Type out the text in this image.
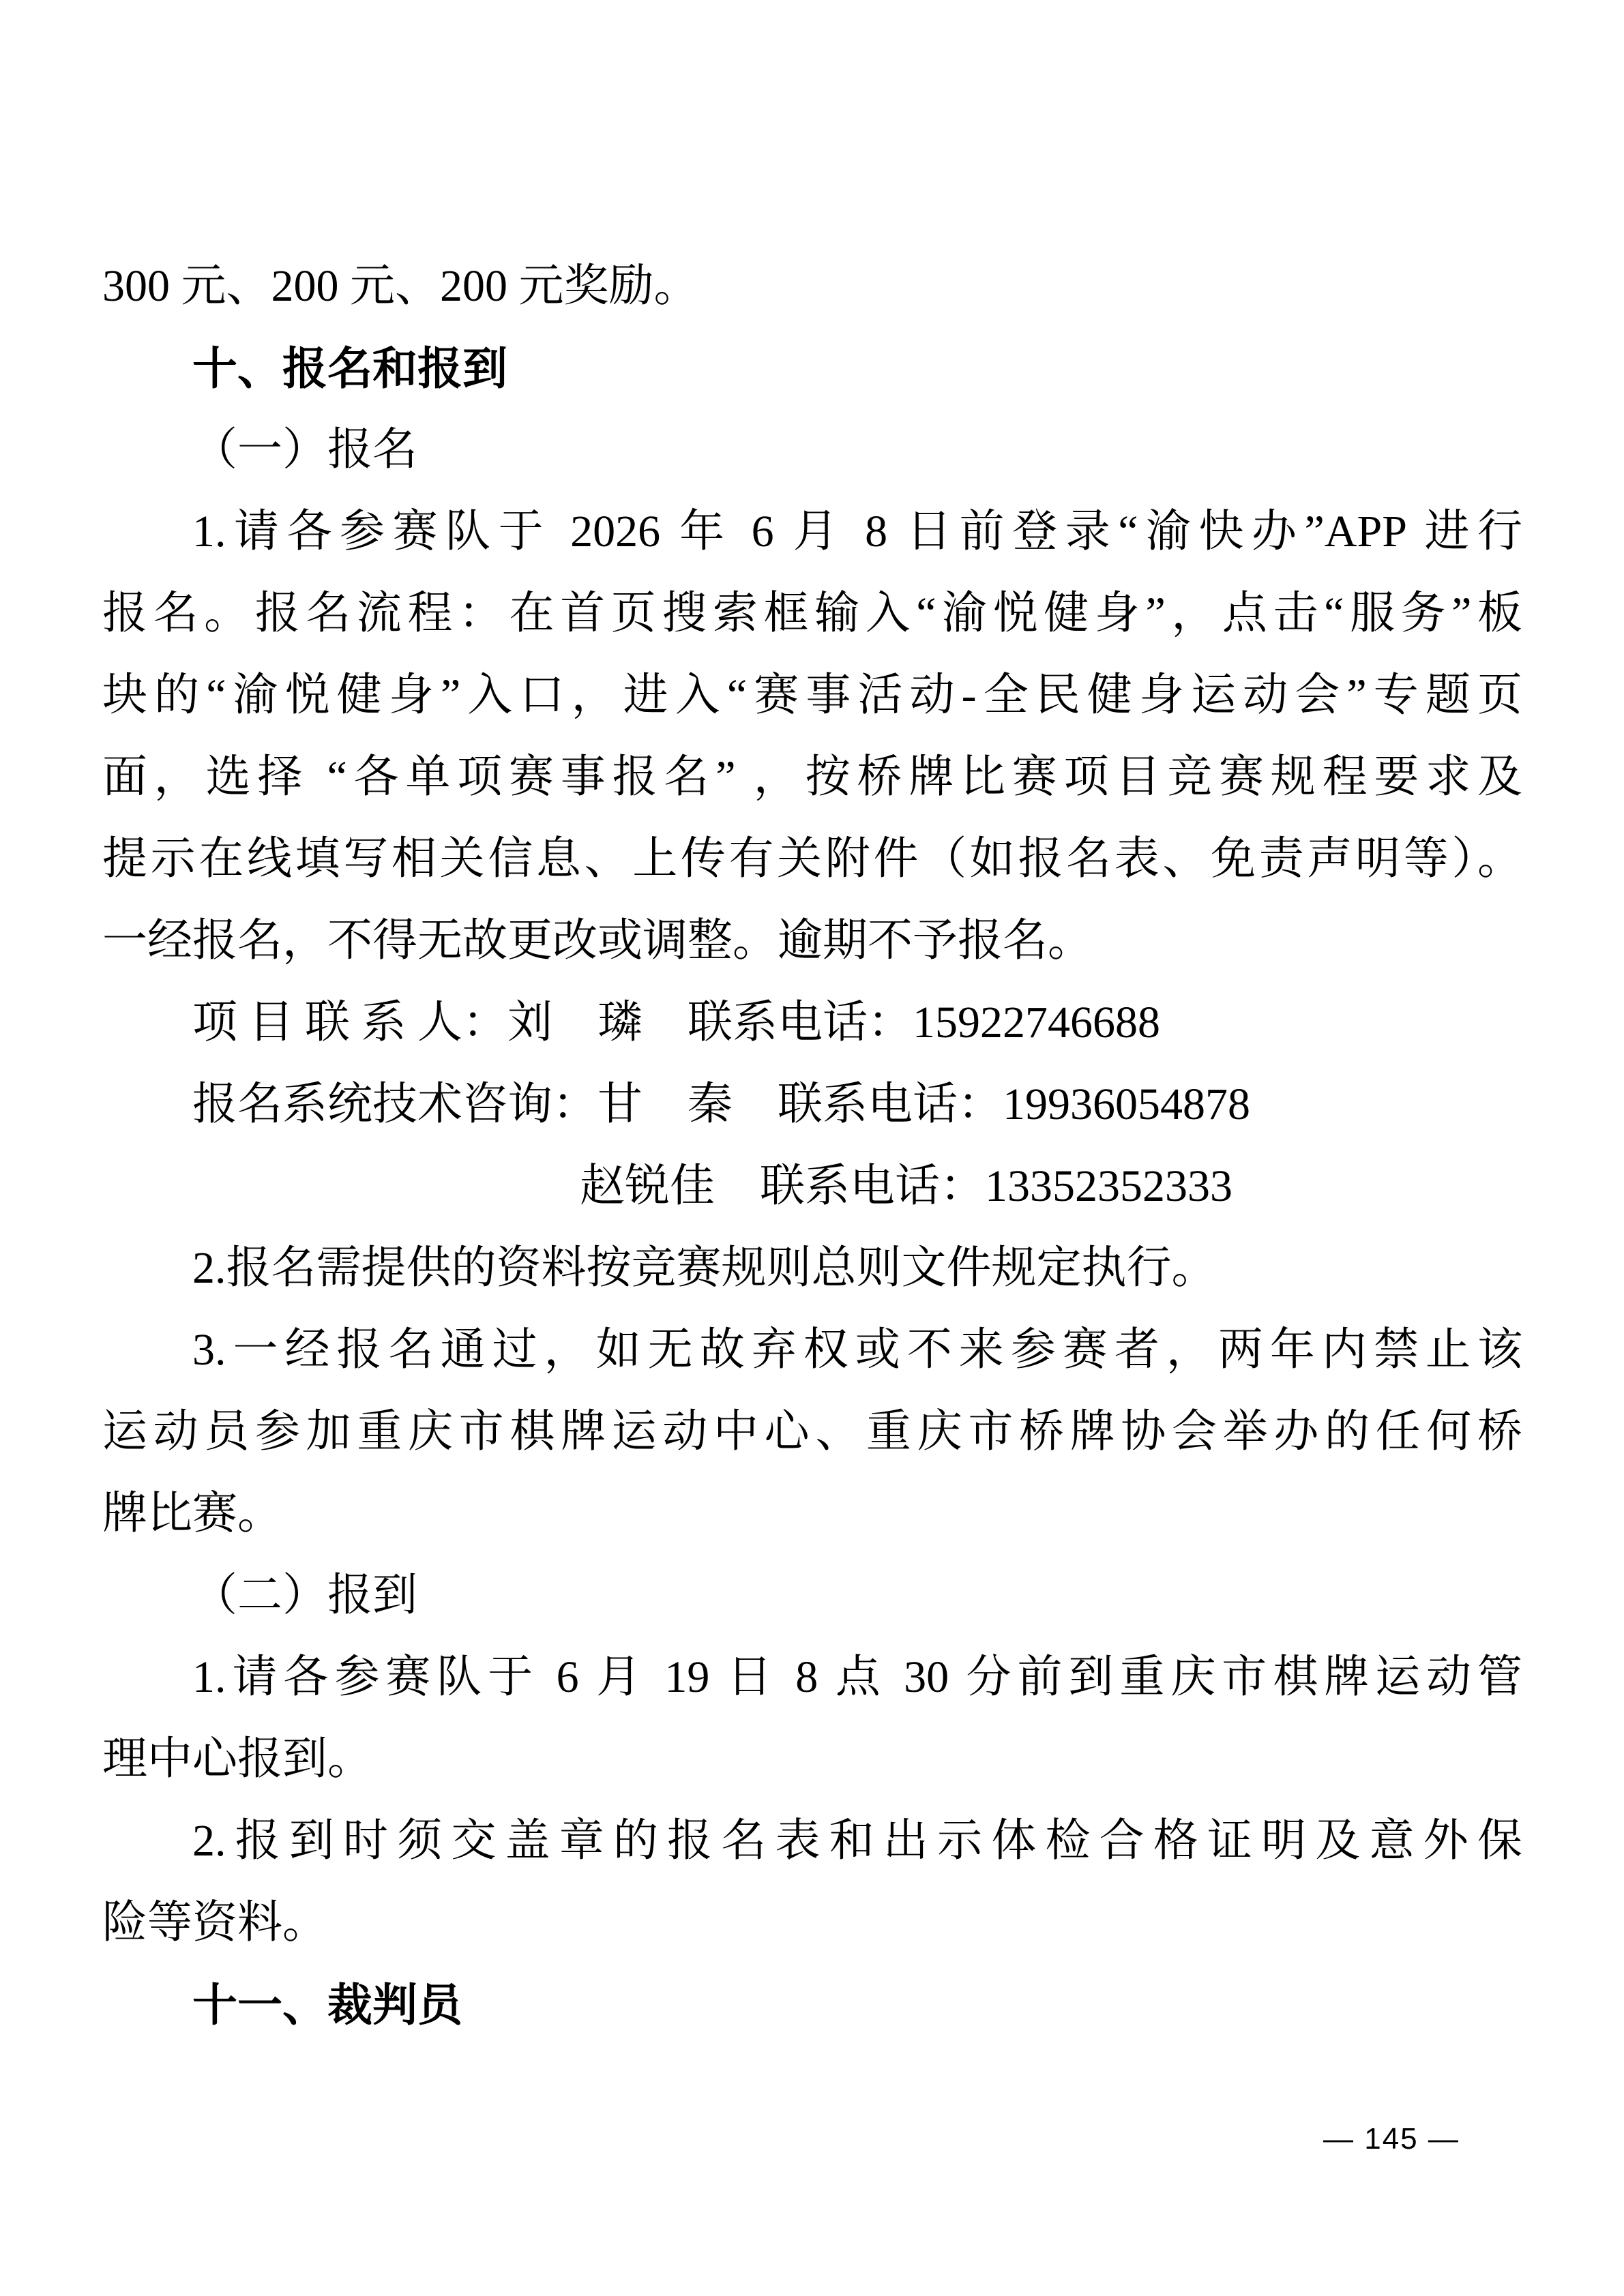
300 元、200 元、200 元奖励。
十、报名和报到
（一）报名
1.请各参赛队于 2026 年 6 月 8 日前登录“渝快办”APP 进行
报名。报名流程：在首页搜索框输入“渝悦健身”，点击“服务”板
块的“渝悦健身”入口，进入“赛事活动-全民健身运动会”专题页
面，选择 “各单项赛事报名” ，按桥牌比赛项目竞赛规程要求及
提示在线填写相关信息、上传有关附件（如报名表、免责声明等）。
一经报名，不得无故更改或调整。逾期不予报名。
项 目 联 系 人：刘　璘　联系电话：15922746688
报名系统技术咨询：甘　秦　联系电话：19936054878
赵锐佳　联系电话：13352352333
2.报名需提供的资料按竞赛规则总则文件规定执行。
3.一经报名通过，如无故弃权或不来参赛者，两年内禁止该
运动员参加重庆市棋牌运动中心、重庆市桥牌协会举办的任何桥
牌比赛。
（二）报到
1.请各参赛队于 6 月 19 日 8 点 30 分前到重庆市棋牌运动管
理中心报到。
2.报到时须交盖章的报名表和出示体检合格证明及意外保
险等资料。
十一、裁判员
— 145 —
